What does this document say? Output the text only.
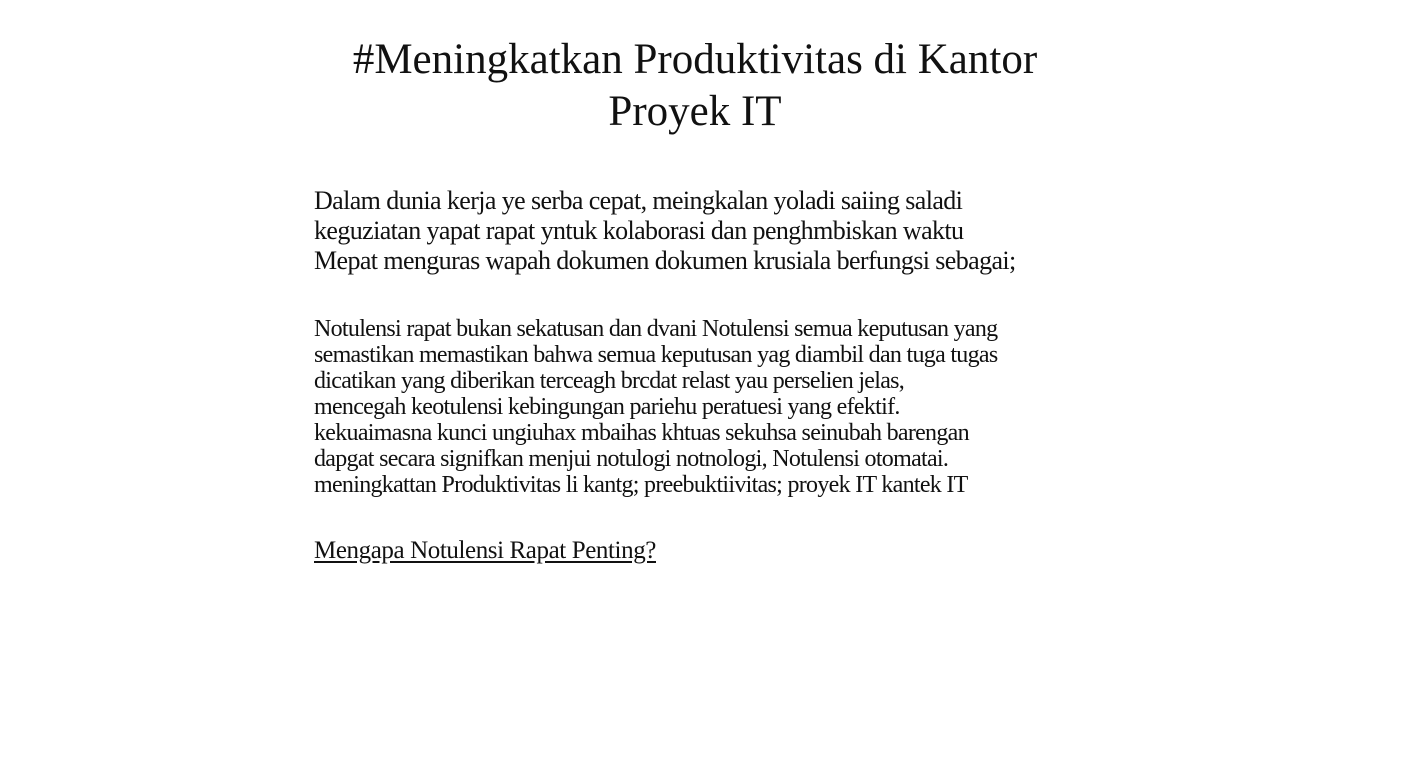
#Meningkatkan Produktivitas di Kantor
Proyek IT
Dalam dunia kerja ye serba cepat, meingkalan yoladi saiing saladi
keguziatan yapat rapat yntuk kolaborasi dan penghmbiskan waktu
Mepat menguras wapah dokumen dokumen krusiala berfungsi sebagai;
Notulensi rapat bukan sekatusan dan dvani Notulensi semua keputusan yang
semastikan memastikan bahwa semua keputusan yag diambil dan tuga tugas
dicatikan yang diberikan terceagh brcdat relast yau perselien jelas,
mencegah keotulensi kebingungan pariehu peratuesi yang efektif.
kekuaimasna kunci ungiuhax mbaihas khtuas sekuhsa seinubah barengan
dapgat secara signifkan menjui notulogi notnologi, Notulensi otomatai.
meningkattan Produktivitas li kantg; preebuktiivitas; proyek IT kantek IT
Mengapa Notulensi Rapat Penting?
